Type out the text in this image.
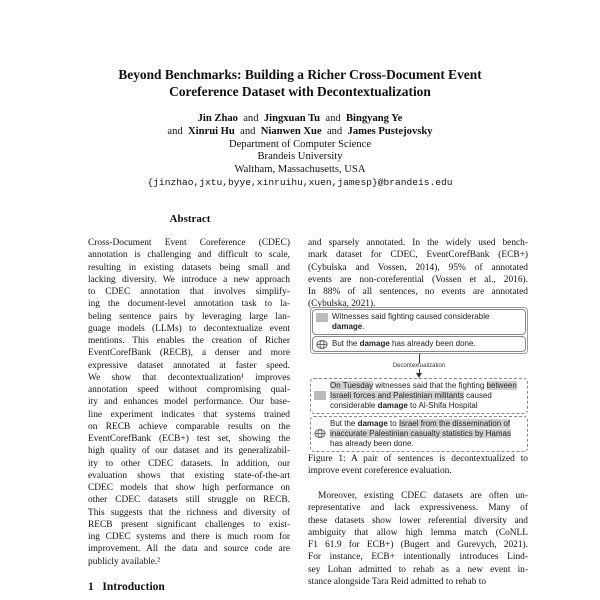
Beyond Benchmarks: Building a Richer Cross-Document Event
Coreference Dataset with Decontextualization
Jin Zhao and Jingxuan Tu and Bingyang Ye
and Xinrui Hu and Nianwen Xue and James Pustejovsky
Department of Computer Science
Brandeis University
Waltham, Massachusetts, USA
{jinzhao,jxtu,byye,xinruihu,xuen,jamesp}@brandeis.edu
Abstract
Cross-Document Event Coreference (CDEC)
annotation is challenging and difficult to scale,
resulting in existing datasets being small and
lacking diversity. We introduce a new approach
to CDEC annotation that involves simplify-
ing the document-level annotation task to la-
beling sentence pairs by leveraging large lan-
guage models (LLMs) to decontextualize event
mentions. This enables the creation of Richer
EventCorefBank (RECB), a denser and more
expressive dataset annotated at faster speed.
We show that decontextualization¹ improves
annotation speed without compromising qual-
ity and enhances model performance. Our base-
line experiment indicates that systems trained
on RECB achieve comparable results on the
EventCorefBank (ECB+) test set, showing the
high quality of our dataset and its generalizabil-
ity to other CDEC datasets. In addition, our
evaluation shows that existing state-of-the-art
CDEC models that show high performance on
other CDEC datasets still struggle on RECB.
This suggests that the richness and diversity of
RECB present significant challenges to exist-
ing CDEC systems and there is much room for
improvement. All the data and source code are
publicly available.²
1 Introduction
and sparsely annotated. In the widely used bench-
mark dataset for CDEC, EventCorefBank (ECB+)
(Cybulska and Vossen, 2014), 95% of annotated
events are non-coreferential (Vossen et al., 2016).
In 88% of all sentences, no events are annotated
(Cybulska, 2021).
Witnesses said fighting caused considerable damage.
But the damage has already been done.
Decontextualization
On Tuesday witnesses said that the fighting between Israeli forces and Palestinian militants caused considerable damage to Al-Shifa Hospital
But the damage to Israel from the dissemination of inaccurate Palestinian casualty statistics by Hamas has already been done.
Figure 1: A pair of sentences is decontextualized to
improve event coreference evaluation.
Moreover, existing CDEC datasets are often un-
representative and lack expressiveness. Many of
these datasets show lower referential diversity and
ambiguity that allow high lemma match (CoNLL
F1 61.9 for ECB+) (Bugert and Gurevych, 2021).
For instance, ECB+ intentionally introduces Lind-
sey Lohan admitted to rehab as a new event in-
stance alongside Tara Reid admitted to rehab to
